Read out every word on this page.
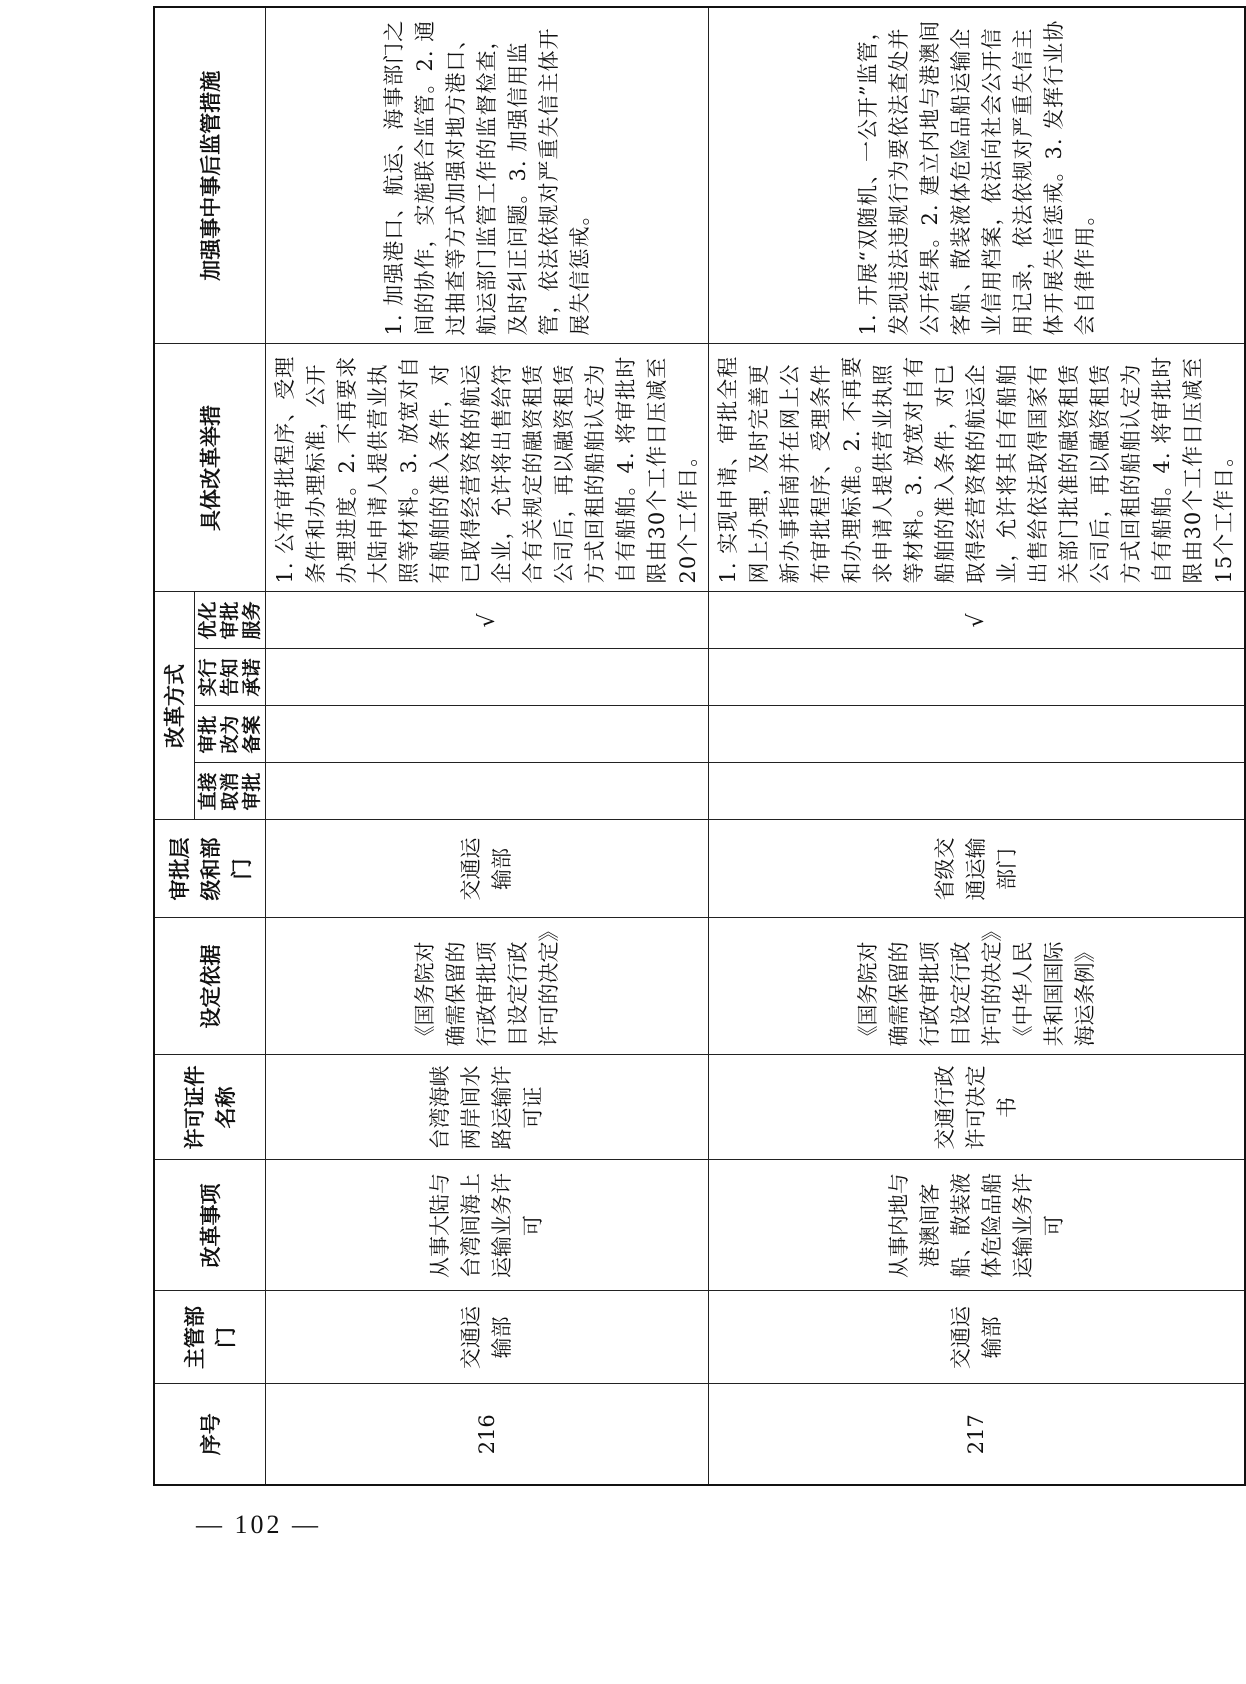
序号	主管部门	改革事项	许可证件名称	设定依据	审批层级和部门	改革方式				具体改革举措	加强事中事后监管措施
						直接取消审批	审批改为备案	实行告知承诺	优化审批服务		
216	交通运输部	从事大陆与台湾间海上运输业务许可	台湾海峡两岸间水路运输许可证	《国务院对确需保留的行政审批项目设定行政许可的决定》	交通运输部				√	1. 公布审批程序、受理条件和办理标准，公开办理进度。2. 不再要求大陆申请人提供营业执照等材料。3. 放宽对自有船舶的准入条件，对已取得经营资格的航运企业，允许将出售给符合有关规定的融资租赁公司后，再以融资租赁方式回租的船舶认定为自有船舶。4. 将审批时限由30个工作日压减至20个工作日。	1. 加强港口、航运、海事部门之间的协作，实施联合监管。2. 通过抽查等方式加强对地方港口、航运部门监管工作的监督检查，及时纠正问题。3. 加强信用监管，依法依规对严重失信主体开展失信惩戒。
217	交通运输部	从事内地与港澳间客船、散装液体危险品船运输业务许可	交通行政许可决定书	《国务院对确需保留的行政审批项目设定行政许可的决定》《中华人民共和国国际海运条例》	省级交通运输部门				√	1. 实现申请、审批全程网上办理，及时完善更新办事指南并在网上公布审批程序、受理条件和办理标准。2. 不再要求申请人提供营业执照等材料。3. 放宽对自有船舶的准入条件，对已取得经营资格的航运企业，允许将其自有船舶出售给依法取得国家有关部门批准的融资租赁公司后，再以融资租赁方式回租的船舶认定为自有船舶。4. 将审批时限由30个工作日压减至15个工作日。	1. 开展“双随机、一公开”监管，发现违法违规行为要依法查处并公开结果。2. 建立内地与港澳间客船、散装液体危险品船运输企业信用档案，依法向社会公开信用记录，依法依规对严重失信主体开展失信惩戒。3. 发挥行业协会自律作用。
— 102 —
